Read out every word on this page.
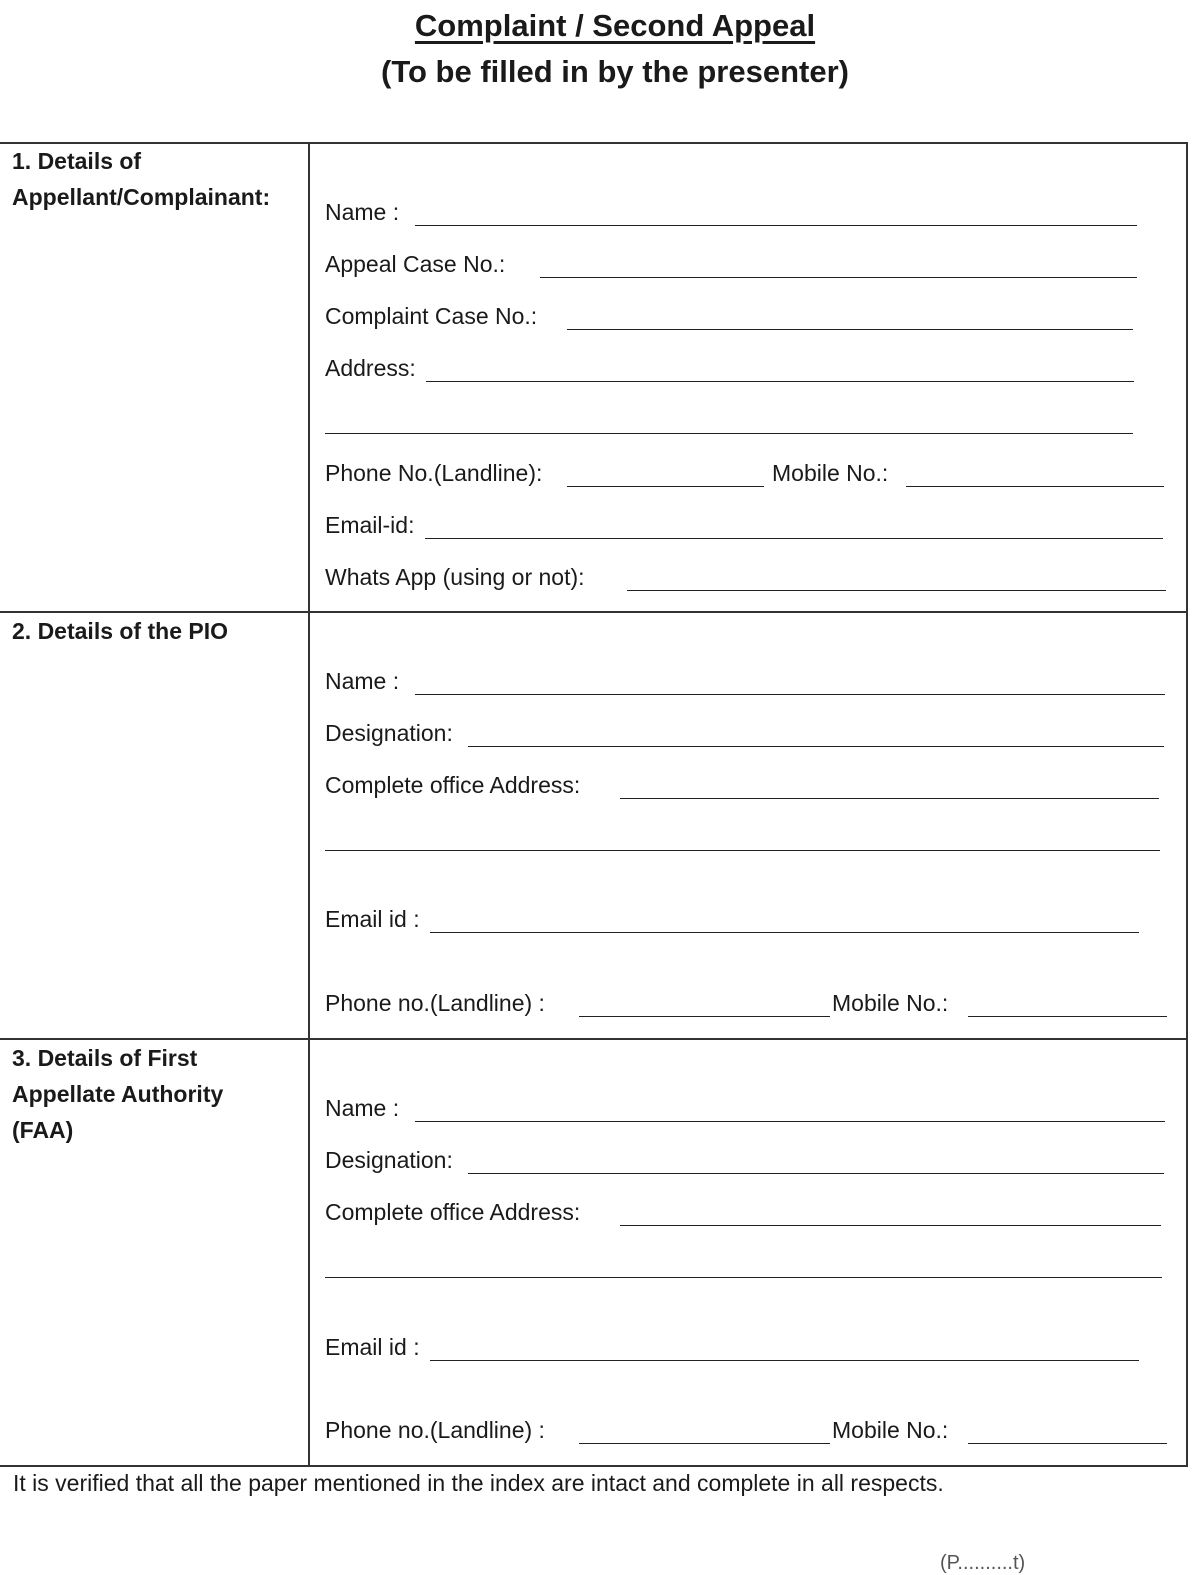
Complaint / Second Appeal
(To be filled in by the presenter)
1. Details of
Appellant/Complainant:
Name :
Appeal Case No.:
Complaint Case No.:
Address:
Phone No.(Landline):	Mobile No.:
Email-id:
Whats App (using or not):
2. Details of the PIO
Name :
Designation:
Complete office Address:
Email id :
Phone no.(Landline) :	Mobile No.:
3. Details of First
Appellate Authority
(FAA)
Name :
Designation:
Complete office Address:
Email id :
Phone no.(Landline) :	Mobile No.:
It is verified that all the paper mentioned in the index are intact and complete in all respects.
(P..........t)
